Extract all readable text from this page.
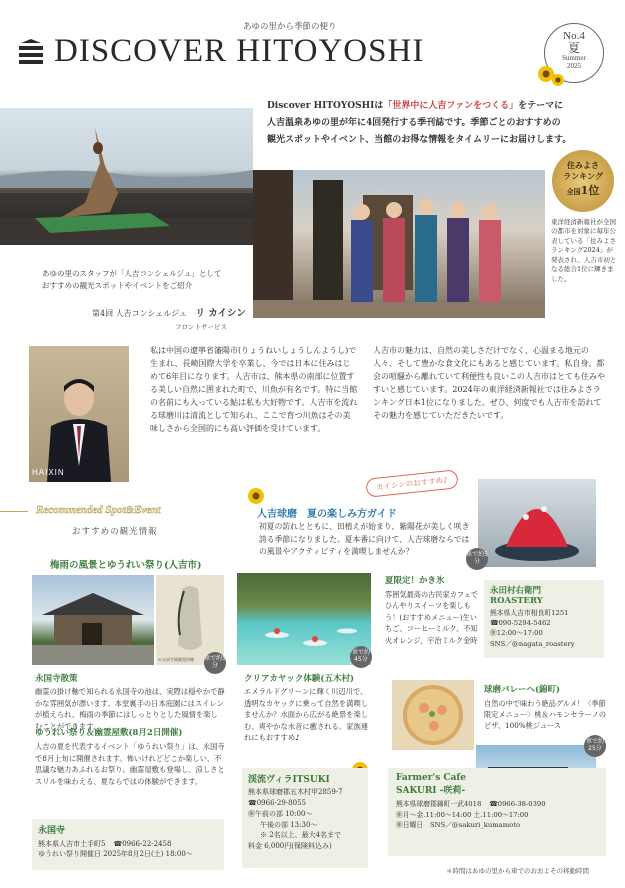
あゆの里から季節の便り
DISCOVER HITOYOSHI	No.4
夏
Summer
2025
Discover HITOYOSHIは「世界中に人吉ファンをつくる」をテーマに
人吉温泉あゆの里が年に4回発行する季刊誌です。季節ごとのおすすめの
観光スポットやイベント、当館のお得な情報をタイムリーにお届けします。
住みよさ
ランキング
全国1位
東洋経済新報社が全国の都市を対象に毎年公表している「住みよさランキング2024」が発表され、人吉市初となる総合1位に輝きました。
あゆの里のスタッフが「人吉コンシェルジュ」として
おすすめの観光スポットやイベントをご紹介
第4回 人吉コンシェルジュ リ カイシン
フロントサービス
HAIXIN
私は中国の遼寧省瀋陽市(りょうねいしょうしんようし)で生まれ、長崎国際大学を卒業し、今では日本に住みはじめて6年目になります。人吉市は、熊本県の南部に位置する美しい自然に囲まれた町で、川魚が有名です。特に当館の名前にも入っている鮎は私も大好物です。人吉市を流れる球磨川は清流として知られ、ここで育つ川魚はその美味しさから全国的にも高い評価を受けています。
人吉市の魅力は、自然の美しさだけでなく、心温まる地元の人々、そして豊かな食文化にもあると感じています。私自身、都会の喧騒から離れていて利便性も良いこの人吉市はとても住みやすいと感じています。2024年の東洋経済新報社では住みよさランキング日本1位になりました。ぜひ、何度でも人吉市を訪れてその魅力を感じていただきたいです。
Recommended Spot&Event
おすすめの観光情報
人吉球磨　夏の楽しみ方ガイド
カイシンのおすすめ♪
初夏の訪れとともに、田植えが始まり、紫陽花が美しく咲き誇る季節になりました。夏本番に向けて、人吉球磨ならではの風景やアクティビティを満喫しませんか？	車で約5分
梅雨の風景とゆうれい祭り(人吉市)
©永国寺蔵幽霊掛軸 車で約5分
永国寺散策
幽霊の掛け軸で知られる永国寺の池は、実際は穏やかで静かな雰囲気が漂います。本堂裏手の日本庭園にはスイレンが植えられ、梅雨の季節にはしっとりとした風情を楽しむことができます。
ゆうれい祭り＆幽霊屋敷(8月2日開催)
人吉の夏を代表するイベント「ゆうれい祭り」は、永国寺で8月上旬に開催されます。怖いけれどどこか楽しい、不思議な魅力あふれるお祭り。幽霊屋敷も登場し、涼しさとスリルを味わえる、夏ならではの体験ができます。
永国寺
熊本県人吉市土手町5 ☎0966-22-2458
ゆうれい祭り開催日 2025年8月2日(土) 18:00～
車で約45分
クリアカヤック体験(五木村)
エメラルドグリーンに輝く川辺川で、透明なカヤックに乗って自然を満喫しませんか？水面から広がる絶景を楽しむ、爽やかな水音に癒される。家族連れにもおすすめ♪
渓流ヴィラITSUKI
熊本県球磨郡五木村甲2859-7
☎0966-29-8055
㊡午前の部 10:00～
午後の部 13:30～
※ 2名以上、最大4名まで
料金 6,000円(保険料込み)
夏限定！かき氷
雰囲気最高の古民家カフェでひんやりスイーツを楽しもう！(おすすめメニュー)生いちご、コーヒーミルク、不知火オレンジ、宇治ミルク金時
永田村右衛門
ROASTERY
熊本県人吉市相良町1251
☎090-5294-5462
㊡12:00～17:00
SNS／@nagata_roastery
車で約25分
球磨バレーへ(錦町)
自然の中で味わう絶品グルメ！〈季節限定メニュー〉桃＆ハモンセラーノのピザ、100%桃ジュース
Farmer's Cafe
SAKURI -咲莉-
熊本県球磨郡錦町一武4018 ☎0966-38-0390
㊡月～金.11:00～14:00 土.11:00～17:00
㊡日曜日　SNS／@sakuri_kumamoto
＊時間はあゆの里から車でのおおよその移動時間
